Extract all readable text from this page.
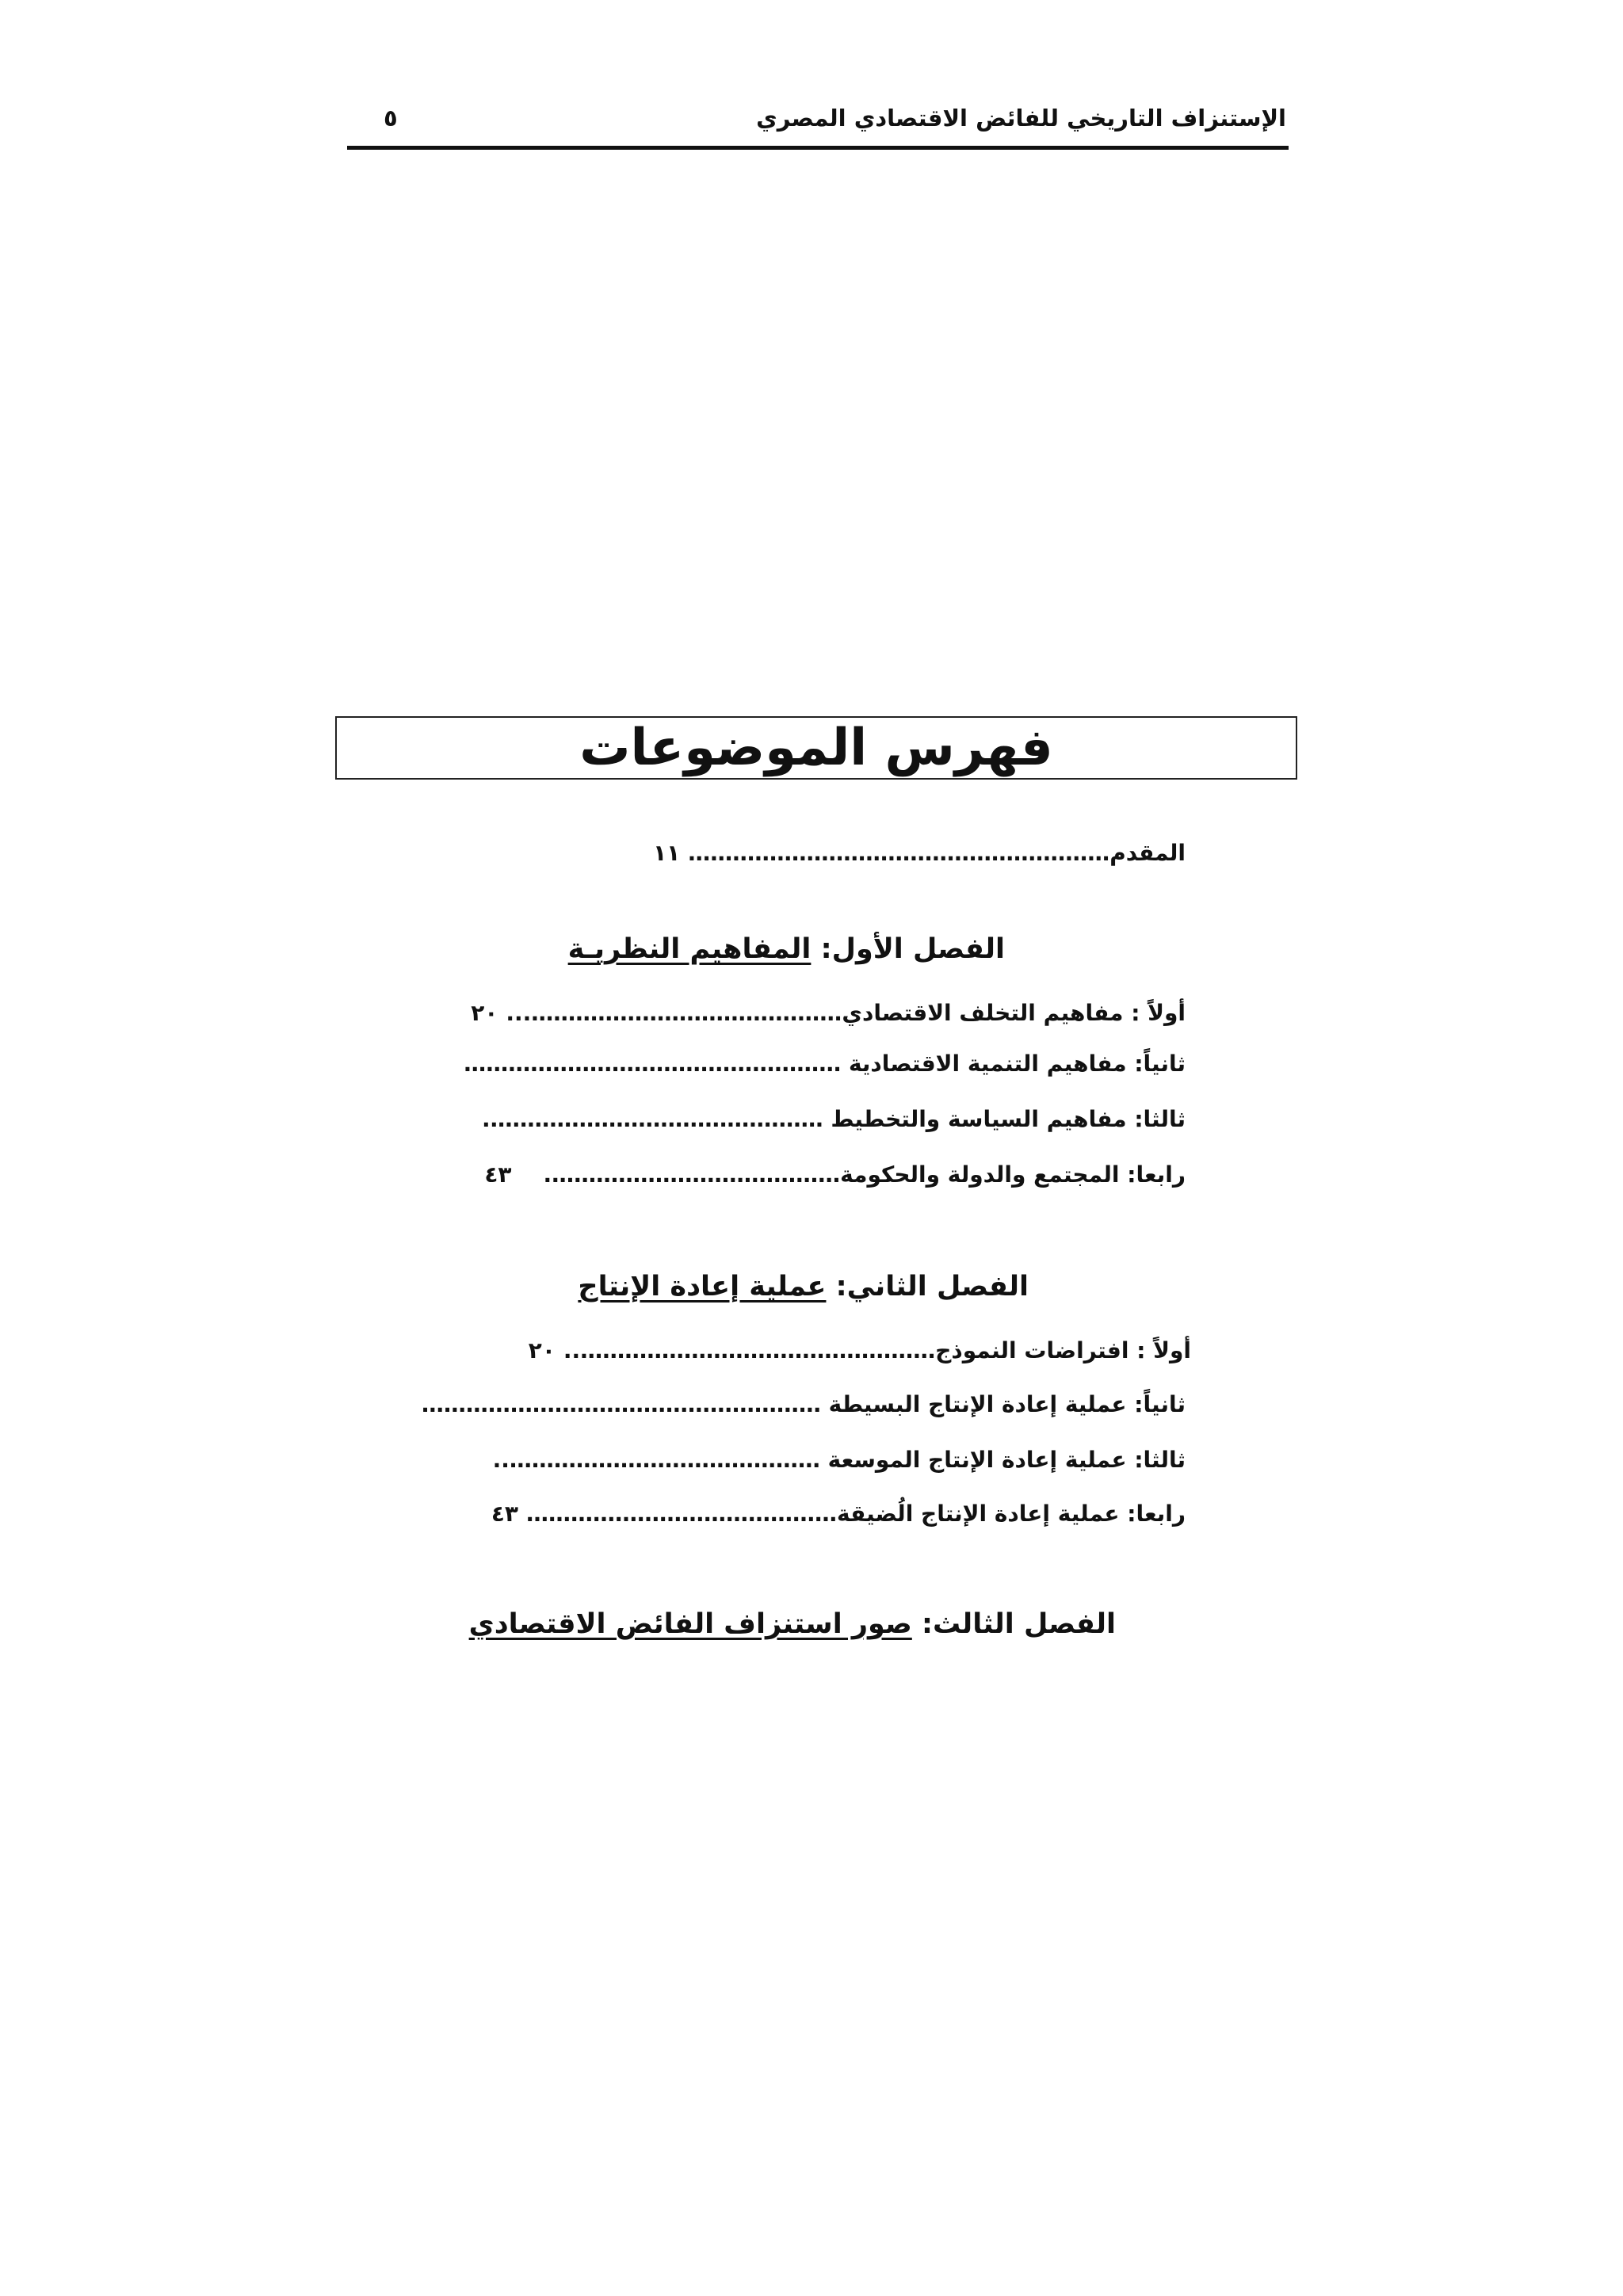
الإستنزاف التاريخي للفائض الاقتصادي المصري
٥
فهرس الموضوعات
المقدم…………………………………………………١١
الفصل الأول: المفاهيم النظريـة
أولاً : مفاهيم التخلف الاقتصادي……………………………………...٢٠
ثانياً: مفاهيم التنمية الاقتصادية ……………………………………………
ثالثا: مفاهيم السياسة والتخطيط ……………………………………….
رابعا: المجتمع والدولة والحكومة………………………………….٤٣
الفصل الثاني: عملية إعادة الإنتاج
أولاً : افتراضات النموذج…………………………………………..٢٠
ثانياً: عملية إعادة الإنتاج البسيطة ………………………………………………
ثالثا: عملية إعادة الإنتاج الموسعة ……………………………………..
رابعا: عملية إعادة الإنتاج الُضيقة……………………………………٤٣
الفصل الثالث: صور استنزاف الفائض الاقتصادي
